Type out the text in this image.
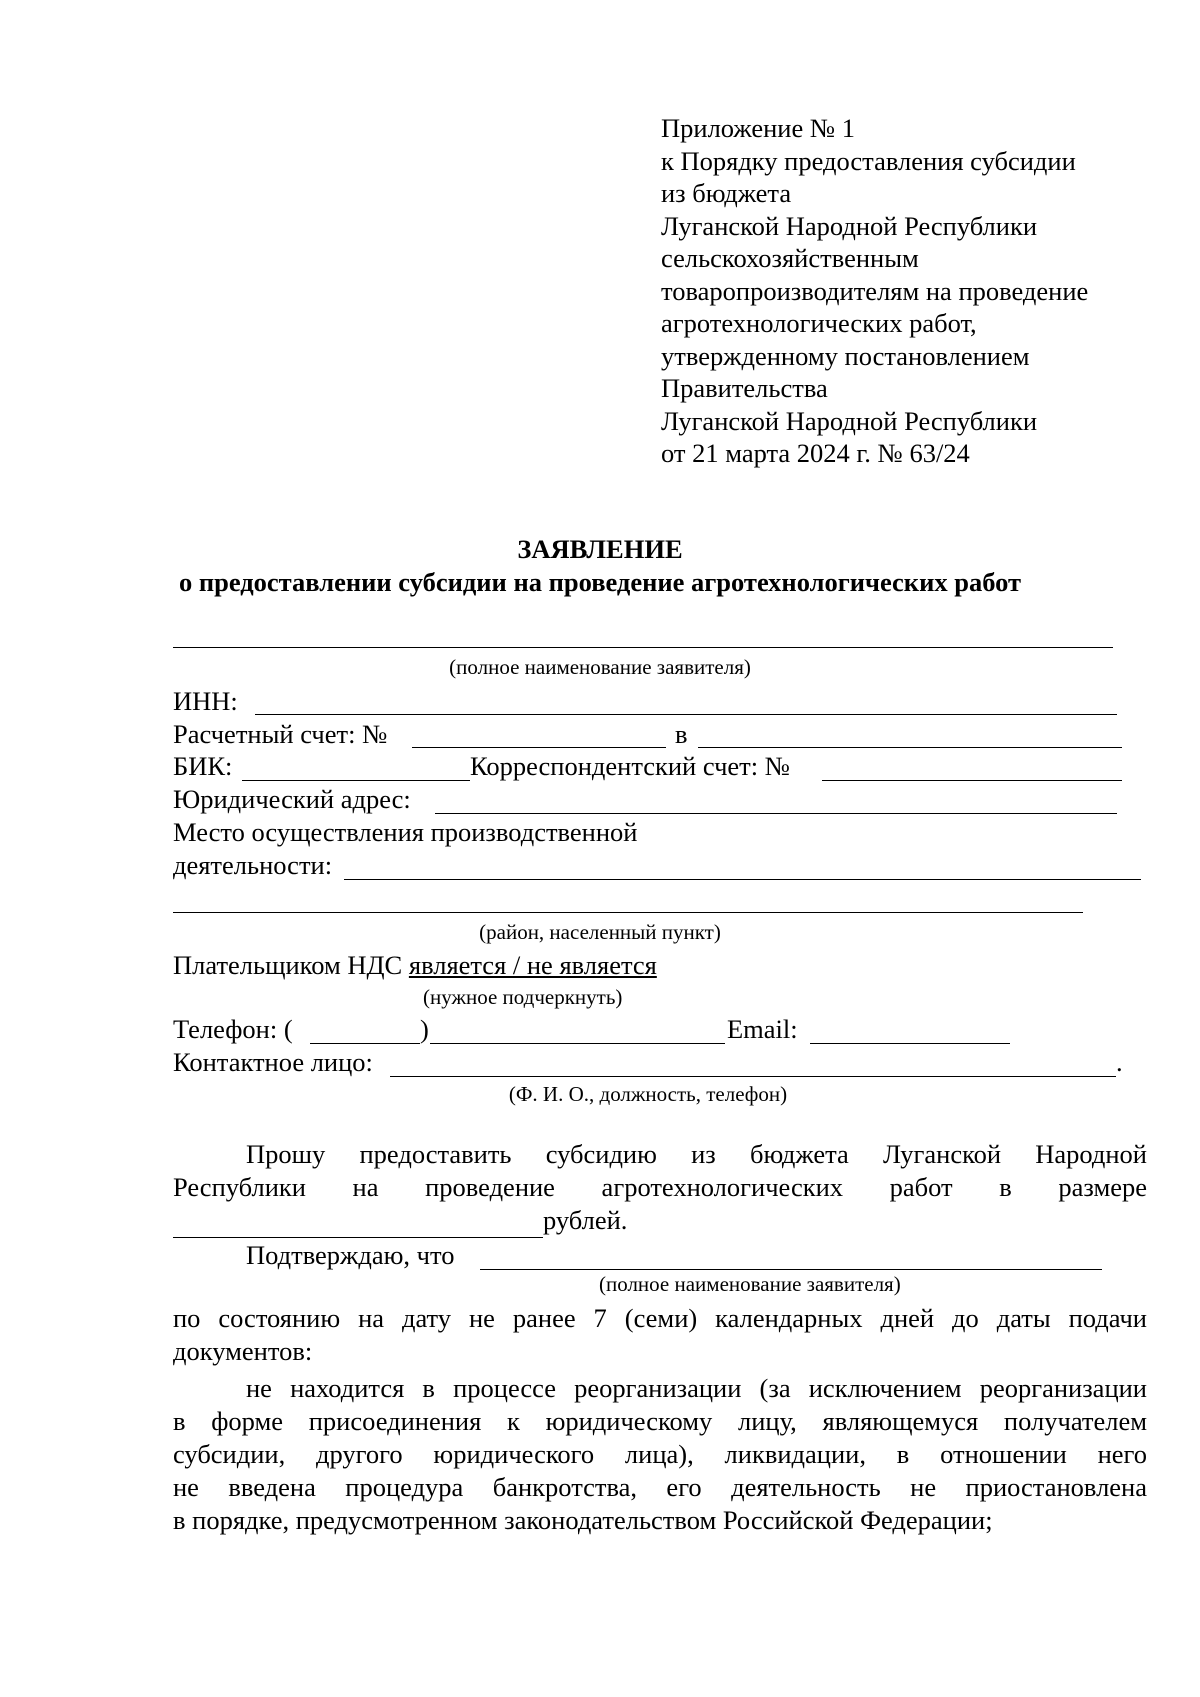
Приложение № 1
к Порядку предоставления субсидии
из бюджета
Луганской Народной Республики
сельскохозяйственным
товаропроизводителям на проведение
агротехнологических работ,
утвержденному постановлением
Правительства
Луганской Народной Республики
от 21 марта 2024 г. № 63/24
ЗАЯВЛЕНИЕ
о предоставлении субсидии на проведение агротехнологических работ
(полное наименование заявителя)
ИНН:
Расчетный счет: №	в
БИК:	Корреспондентский счет: №
Юридический адрес:
Место осуществления производственной
деятельности:
(район, населенный пункт)
Плательщиком НДС является / не является
(нужное подчеркнуть)
Телефон: (	)	Email:
Контактное лицо:	.
(Ф. И. О., должность, телефон)
Прошу предоставить субсидию из бюджета Луганской Народной
Республики на проведение агротехнологических работ в размере
рублей.
Подтверждаю, что
(полное наименование заявителя)
по состоянию на дату не ранее 7 (семи) календарных дней до даты подачи
документов:
не находится в процессе реорганизации (за исключением реорганизации
в форме присоединения к юридическому лицу, являющемуся получателем
субсидии, другого юридического лица), ликвидации, в отношении него
не введена процедура банкротства, его деятельность не приостановлена
в порядке, предусмотренном законодательством Российской Федерации;
